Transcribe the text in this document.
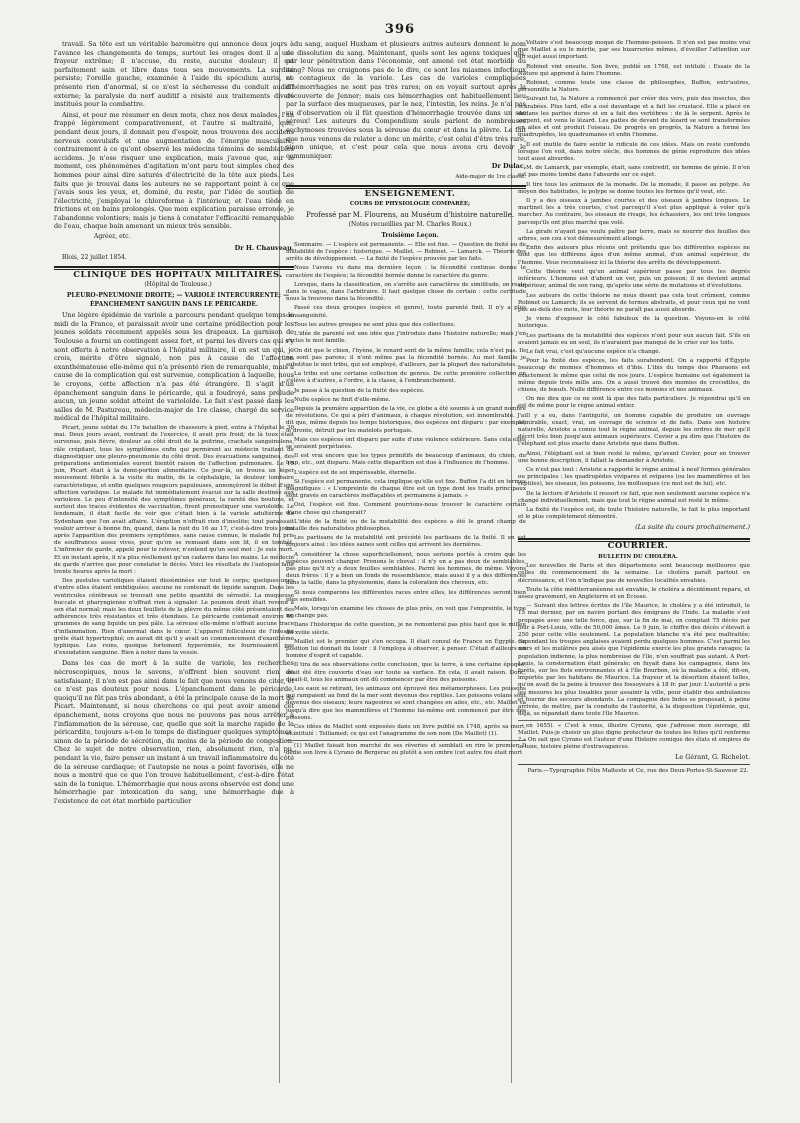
396

travail. Sa tête est un véritable baromètre qui annonce deux jours à l'avance les changements de temps, surtout les orages dont il a une frayeur extrême; il n'accuse, du reste, aucune douleur; il est parfaitement sain et libre dans tous ses mouvements. La surdité persiste; l'oreille gauche, examinée à l'aide du spéculum auris, ne présente rien d'anormal, si ce n'est la sécheresse du conduit auditif externe; la paralysie du nerf auditif a résisté aux traitements divers institués pour la combattre.

Ainsi, et pour me résumer en deux mots, chez nos deux malades, l'un frappé légèrement comparativement, et l'autre si maltraité, que, pendant deux jours, il donnait peu d'espoir, nous trouvons des accidens nerveux convulsifs et une augmentation de l'énergie musculaire, contrairement à ce qu'ont observé les médecins témoins de semblables accidens. Je n'ose risquer une explication, mais j'avoue que, sur le moment, ces phénomènes d'agitation m'ont paru tout simples chez des hommes pour ainsi dire saturés d'électricité de la tête aux pieds. Les faits que je trouvai dans les auteurs ne se rapportant point à ce que j'avais sous les yeux, et, dominé, du reste, par l'idée de soutien de l'électricité, j'employai le chloroforme à l'intérieur, et l'eau tiède en frictions et en bains prolongés. Que mon explication paraisse erronée, je l'abandonne volontiers; mais je tiens à constater l'efficacité remarquable de l'eau, chaque bain amenant un mieux très sensible.

Agréez, etc.

Dr H. Chauveau.

Blois, 22 juillet 1854.

CLINIQUE DES HOPITAUX MILITAIRES.

(Hôpital de Toulouse.)

PLEURO-PNEUMONIE DROITE; — VARIOLE INTERCURRENTE; — ÉPANCHEMENT SANGUIN DANS LE PÉRICARDE.

Une légère épidémie de variole a parcouru pendant quelque temps le midi de la France, et paraissait avoir une certaine prédilection pour les jeunes soldats récemment appelés sous les drapeaux. La garnison de Toulouse a fourni un contingent assez fort, et parmi les divers cas qui s'y sont offerts à notre observation à l'hôpital militaire, il en est un qui, je crois, mérite d'être signalé, non pas à cause de l'affection exanthémateuse elle-même qui n'a présenté rien de remarquable, mais à cause de la complication qui est survenue, complication à laquelle, nous le croyons, cette affection n'a pas été étrangère. Il s'agit d'un épanchement sanguin dans le péricarde, qui a foudroyé, sans prélude aucun, un jeune soldat atteint de varioloïde. Le fait s'est passé dans les salles de M. Pastureau, médecin-major de 1re classe, chargé du service médical de l'hôpital militaire.

Picart, jeune soldat du 17e bataillon de chasseurs à pied, entra à l'hôpital le 30 mai. Deux jours avant, rentrant de l'exercice, il avait pris froid; de là toux était survenue, puis fièvre, douleur au côté droit de la poitrine, crachats sanguinolens, râle crépitant, tous les symptômes enfin qui permirent au médecin traitant de diagnostiquer une pleuro-pneumonie du côté droit. Des évacuations sanguines, des préparations antimoniales eurent bientôt raison de l'affection pulmonaire. Le 15 juin, Picart était à la demi-portion alimentaire. Ce jour-là, on trouva un léger mouvement fébrile à la visite du matin, de la céphalalgie, la douleur lombaire caractéristique, et enfin quelques rougeurs papuleuses, annonçèrent le début d'une affection variolique. Le malade fut immédiatement évacué sur la salle destinée aux varioleux. Le peu d'intensité des symptômes généraux, la rareté des boutons, et surtout des traces évidentes de vaccination, firent pronostiquer une varioloïde. Le lendemain, il était facile de voir que c'était bien à la variole adultérine de Sydenham que l'on avait affaire. L'éruption n'offrait rien d'insolite; tout paraissait vouloir arriver à bonne fin, quand, dans la nuit du 16 au 17, c'est-à-dire trois jours après l'apparition des premiers symptômes, sans cause connue, le malade fut pris de souffrances assez vives, pour qu'on se remuant dans son lit, il en tombât. L'infirmier de garde, appelé pour le relever, n'entend qu'un seul mot : Je suis mort. Et un instant après, il n'a plus réellement qu'un cadavre dans les mains. Le médecin de garde n'arrive que pour constater le décès. Voici les résultats de l'autopsie faite trente heures après la mort :

Des pustules varioliques étaient disséminées sur tout le corps; quelques-unes d'entre elles étaient ombiliquées; aucune ne contenait de liquide sanguin. Dans les ventricules cérébraux se trouvait une petite quantité de sérosité. La muqueuse buccale et pharyngienne n'offrait rien à signaler. Le poumon droit était revenu à son état normal; mais les deux feuillets de la plèvre du même côté présentaient des adhérences très résistantes et très étendues. Le péricarde contenait environ 60 grammes de sang liquide un peu pâle. La séreuse elle-même n'offrait aucune trace d'inflammation. Rien d'anormal dans le cœur. L'appareil folliculeux de l'intestin grêle était hypertrophié; on aurait dit qu'il y avait un commencement d'exanthème typhique. Les reins, quoique fortement hyperémiés, ne fournissaient pas d'exsudation sanguine. Rien à noter dans la vessie.

Dans les cas de mort à la suite de variole, les recherches nécroscopiques, nous le savons, n'offrent bien souvent rien de satisfaisant; il n'en est pas ainsi dans le fait que nous venons de citer, et ce n'est pas douteux pour nous. L'épanchement dans le péricarde, quoiqu'il ne fût pas très abondant, a été la principale cause de la mort de Picart. Maintenant, si nous cherchons ce qui peut avoir amené cet épanchement, nous croyons que nous ne pouvons pas nous arrêter à l'inflammation de la séreuse, car, quelle que soit la marche rapide de la péricardite, toujours a-t-on le temps de distinguer quelques symptômes, sinon de la période de sécrétion, du moins de la période de congestion. Chez le sujet de notre observation, rien, absolument rien, n'a pu, pendant la vie, faire penser un instant à un travail inflammatoire du côté de la séreuse cardiaque; et l'autopsie ne nous a point favorisés, elle ne nous a montré que ce que l'on trouve habituellement, c'est-à-dire l'état sain de la tunique. L'hémorrhagie que nous avons observée est donc une hémorrhagie par intoxication du sang, une hémorrhagie due à l'existence de cet état morbide particulier

du sang, auquel Huxham et plusieurs autres auteurs donnent le nom de dissolution du sang. Maintenant, quels sont les agens toxiques qui, par leur pénétration dans l'économie, ont amené cet état morbide du sang? Nous ne craignons pas de le dire, ce sont les miasmes infectieux et contagieux de la variole. Les cas de varioles compliquées d'hémorrhagies ne sont pas très rares; on en voyait surtout après la découverte de Jenner; mais ces hémorrhagies ont habituellement lieu par la surface des muqueuses, par le nez, l'intestin, les reins. Je n'ai pas vu d'observation où il fût question d'hémorrhagie trouvée dans un sac séreux! Les auteurs du Compendium seuls parlent de nombreuses ecchymoses trouvées sous la séreuse du cœur et dans la plèvre. Le fait que nous venons de relater a donc un mérite, c'est celui d'être très rare, sinon unique, et c'est pour cela que nous avons cru devoir le communiquer.

Dr Dulac,

Aide-major de 1re classe.

ENSEIGNEMENT.

COURS DE PHYSIOLOGIE COMPARÉE;

Professé par M. Flourens, au Muséum d'histoire naturelle.

(Notes recueillies par M. Charles Roux.)

Troisième Leçon.

Sommaire. — L'espèce est permanente. — Elle est fixe. — Question de fixité ou de mutabilité de l'espèce : historique. — Maillet. — Robinet. — Lamarck. — Théorie des arrêts de développement. — La fixité de l'espèce prouvée par les faits.

Nous l'avons vu dans ma dernière leçon : la fécondité continue donne le caractère de l'espèce; la fécondité bornée donne le caractère du genre.

Lorsque, dans la classification, on s'arrête aux caractères de similitude, on reste dans le vague, dans l'arbitraire. Il faut quelque chose de certain : cette certitude nous la trouvons dans la fécondité.

Passé ces deux groupes (espèce et genre), toute parenté finit. Il n'y a plus consanguinité.

Tous les autres groupes ne sont plus que des collections.

L'idée de parenté est une idée que j'introduis dans l'histoire naturelle; mais j'en exclus le mot famille.

On dit que le chien, l'hyène, le renard sont de la même famille; cela n'est pas. Ils ne sont pas parens; il n'ont même pas la fécondité bornée. Au mot famille je substitue le mot tribu, qui est employé, d'ailleurs, par la plupart des naturalistes.

La tribu est une certaine collection de genres. De cette première collection on s'élève à d'autres, à l'ordre, à la classe, à l'embranchement.

Je passe à la question de la fixité des espèces.

Nulle espèce ne finit d'elle-même.

Depuis la première apparition de la vie, ce globe a été soumis à un grand nombre de révolutions. Ce qui a péri d'animaux, à chaque révolution, est innombrable. J'ai dit que, même depuis les temps historiques, des espèces ont disparu : par exemple, le dronte, détruit par les matelots portugais.

Mais ces espèces ont disparu par suite d'une violence extérieure. Sans cela elles se seraient perpétuées.

Il est vrai encore que les types primitifs de beaucoup d'animaux, du chien, du loup, etc., ont disparu. Mais cette disparition est due à l'influence de l'homme.

L'espèce est de soi impérissable, éternelle.

Si l'espèce est permanente, cela implique qu'elle est fixe. Buffon l'a dit en termes magnifiques : « L'empreinte de chaque être est un type dont les traits principaux sont gravés en caractères ineffaçables et permanens à jamais. »

Oui, l'espèce est fixe. Comment pourrions-nous trouver le caractère certain d'une chose qui changerait?

L'idée de la fixité ou de la mutabilité des espèces a été le grand champ de bataille des naturalistes philosophes.

Les partisans de la mutabilité ont précédé les partisans de la fixité. Il en est toujours ainsi : les idées saines sont celles qui arrivent les dernières.

A considérer la chose superficiellement, nous serions portés à croire que les espèces peuvent changer. Prenons le cheval : il n'y en a pas deux de semblables, pas plus qu'il n'y a deux feuilles semblables. Parmi les hommes, de même. Voyons deux frères : il y a bien un fonds de ressemblance, mais aussi il y a des différences dans la taille, dans la physionomie, dans la coloration des cheveux, etc.

Si nous comparons les différentes races entre elles, les différences seront bien plus sensibles.

Mais, lorsqu'on examine les choses de plus près, on voit que l'empreinte, le type ne change pas.

Dans l'historique de cette question, je ne remonterai pas plus haut que le milieu du xviiie siècle.

Maillet est le premier qui s'en occupa. Il était consul de France en Égypte. Sa position lui donnait du loisir : il l'employa à observer, à penser. C'était d'ailleurs un homme d'esprit et capable.

Il tira de ses observations cette conclusion, que la terre, à une certaine époque, avait été être couverte d'eau sur toute sa surface. En cela, il avait raison. Donc, disait-il, tous les animaux ont dû commencer par être des poissons.

Les eaux se retirant, les animaux ont éprouvé des métamorphoses. Les poissons qui rampaient au fond de la mer sont devenus des reptiles. Les poissons volans sont devenus des oiseaux; leurs nageoires se sont changées en ailes, etc., etc. Maillet va jusqu'à dire que les mammifères et l'homme lui-même ont commencé par être des poissons.

Ces idées de Maillet sont exposées dans un livre publié en 1748, après sa mort, et intitulé : Telliamed; ce qui est l'anagramme de son nom (De Maillet) (1).

(1) Maillet faisait bon marché de ses rêveries et semblait en rire le premier. Il dédie son livre à Cyrano de Bergerac ou plutôt à son ombre (cet autre fou était mort

Voltaire s'est beaucoup moqué de l'homme-poisson. Il n'en est pas moins vrai que Maillet a eu le mérite, par ses bizarreries mêmes, d'éveiller l'attention sur un sujet aussi important.

Robinet vint ensuite. Son livre, publié en 1768, est intitulé : Essais de la Nature qui apprend à faire l'homme.

Robinet, comme toute une classe de philosophes, Buffon, entr'autres, personnifie la Nature.

Suivant lui, la Nature a commencé par créer des vers, puis des insectes, des scarabées. Plus tard, elle a osé davantage et a fait les crustacé. Elle a placé en dedans les parties dures et en a fait des vertèbres : de là le serpent. Après le serpent, est venu le lézard. Les pattes de devant du lézard se sont transformées en ailes et ont produit l'oiseau. De progrès en progrès, la Nature a formé les quadrupèdes, les quadrumanes et enfin l'homme.

Il est inutile de faire sentir le ridicule de ces idées. Mais on reste confondu lorsque l'on voit, dans notre siècle, des hommes de génie reproduire des idées tout aussi absurdes.

M. de Lamarck, par exemple, était, sans contredit, un homme de génie. Il n'en est pas moins tombé dans l'absurde sur ce sujet.

Il tire tous les animaux de la monade. De la monade, il passe au polype. Au moyen des habitudes, le polype se donne toutes les formes qu'il veut, etc.

Il y a des oiseaux à jambes courtes et des oiseaux à jambes longues. Le martinet les a très courtes, c'est parcequ'il s'est plus appliqué à voler qu'à marcher. Au contraire, les oiseaux de rivage, les échassiers, les ont très longues parcequ'ils ont plus marché que volé.

La girafe n'ayant pas voulu paître par terre, mais se nourrir des feuilles des arbres, son cou s'est démesurément allongé.

Enfin des auteurs plus récens ont prétendu que les différentes espèces ne sont que les différens âges d'un même animal, d'un animal supérieur, de l'homme. Vous reconnaissez ici la théorie des arrêts de développement.

Cette théorie veut qu'un animal supérieur passe par tous les degrés inférieurs. L'homme est d'abord un ver, puis un poisson; il ne devient animal supérieur, animal de son rang, qu'après une série de mutations et d'évolutions.

Les auteurs de cette théorie ne nous disent pas cela tout crûment, comme Robinet ou Lamarck; ils se servent de termes abstraits, et pour ceux qui ne vont pas au-delà des mots, leur théorie ne paraît pas aussi absurde.

Je viens d'exposer le côté fabuleux de la question. Voyons-en le côté historique.

Les partisans de la mutabilité des espèces n'ont pour eux aucun fait. S'ils en avaient jamais eu un seul, ils n'auraient pas manqué de le crier sur les toits.

Le fait vrai, c'est qu'aucune espèce n'a changé.

Pour la fixité des espèces, les faits surabondent. On a rapporté d'Égypte beaucoup de momies d'hommes et d'ibis. L'ibis du temps des Pharaons est exactement le même que celui de nos jours. L'espèce humaine est également la même depuis trois mille ans. On a aussi trouvé des momies de crocodiles, de chiens, de bœufs. Nulle différence entre ces momies et nos animaux.

On me dira que ce ne sont là que des faits particuliers. Je répondrai qu'il en est de même pour le règne animal entier.

Il y a eu, dans l'antiquité, un homme capable de produire un ouvrage admirable, exact, vrai, un ouvrage de science et de faits. Dans son histoire naturelle, Aristote a connu tout le règne animal, depuis les ordres de mer qu'il décrit très bien jusqu'aux animaux supérieurs. Cuvier a pu dire que l'histoire de l'éléphant est plus exacte dans Aristote que dans Buffon.

Ainsi, l'éléphant est si bien resté le même, qu'avant Cuvier, pour en trouver une bonne description, il fallait la demander à Aristote.

Ce n'est pas tout : Aristote a rapporté le règne animal à neuf formes générales ou principales : les quadrupèdes vivipares et ovipares (ou les mammifères et les reptiles), les oiseaux, les poissons, les mollusques (ce mot est de lui), etc.

De la lecture d'Aristote il ressort ce fait, que non seulement aucune espèce n'a changé individuellement, mais que tout le règne animal est resté le même.

La fixité de l'espèce est, de toute l'histoire naturelle, le fait le plus important et le plus complètement démontré.

(La suite du cours prochainement.)

COURRIER.

BULLETIN DU CHOLÉRA.

Les nouvelles de Paris et des départemens sont beaucoup meilleures que celles du commencement de la semaine. Le choléra paraît partout en décroissance, et l'on n'indique pas de nouvelles localités envahies.

Toute la côte méditerranéenne est envahie, le choléra a décidément reparu, et assez gravement, en Angleterre et en Écosse.

— Suivant des lettres écrites de l'île Maurice, le choléra y a été introduit, le 15 mai dernier, par un navire portant des émigrans de l'Inde. La maladie s'est propagée avec une telle force, que, sur la fin de mai, on comptait 75 décès par jour à Port-Louis, ville de 50,000 âmes. Le 9 juin, le chiffre des décès s'élevait à 250 pour cette ville seulement. La population blanche n'a été peu maltraitée; cependant les troupes anglaises avaient perdu quelques hommes. C'est parmi les noirs et les mulâtres peu aisés que l'épidémie exerce les plus grands ravages; la population indienne, la plus nombreuse de l'île, n'en souffrait pas autant. A Port-Louis, la consternation était générale; on fuyait dans les campagnes, dans les forêts, sur les flots environnantes et à l'île Bourbon, où la maladie a été, dit-on, importée par les habitans de Maurice. La frayeur et la désertion étaient telles, qu'on avait de la peine à trouver des fossoyeurs à 18 fr. par jour. L'autorité a pris les mesures les plus louables pour assainir la ville, pour établir des ambulances et fournir des secours abondants. La compagnie des Indes se proposait, à peine arrivée, de mettre, par la conduite de l'autorité, à la disposition l'épidémie, qui, déjà, se répandait dans toute l'île Maurice.

en 1655). « C'est à vous, illustre Cyrano, que j'adresse mon ouvrage, dit Maillet. Puis-je choisir un plus digne protecteur de toutes les folies qu'il renferme ? » On sait que Cyrano est l'auteur d'une Histoire comique des états et empires de la lune, histoire pleine d'extravagances.

Le Gérant, G. Richelot.

Paris.—Typographie Félix Malteste et Ce, rue des Deux-Portes-St-Sauveur 22.
